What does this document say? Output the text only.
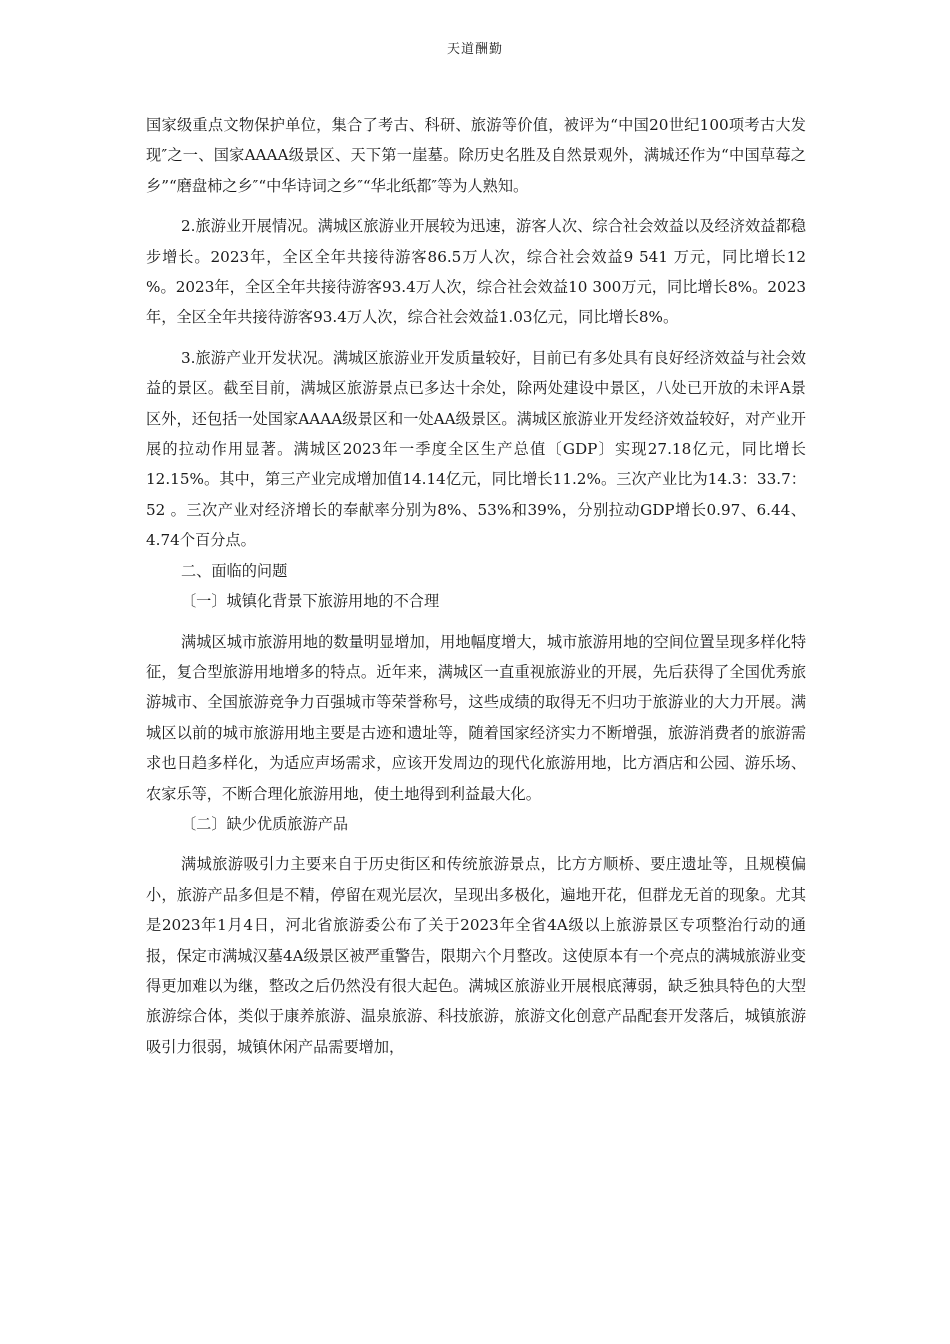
天道酬勤

国家级重点文物保护单位，集合了考古、科研、旅游等价值，被评为“中国20世纪100项考古大发现″之一、国家AAAA级景区、天下第一崖墓。除历史名胜及自然景观外，满城还作为“中国草莓之乡”“磨盘柿之乡″“中华诗词之乡″“华北纸都″等为人熟知。

2.旅游业开展情况。满城区旅游业开展较为迅速，游客人次、综合社会效益以及经济效益都稳步增长。2023年，全区全年共接待游客86.5万人次，综合社会效益9 541 万元，同比增长12 %。2023年，全区全年共接待游客93.4万人次，综合社会效益10 300万元，同比增长8%。2023年，全区全年共接待游客93.4万人次，综合社会效益1.03亿元，同比增长8%。

3.旅游产业开发状况。满城区旅游业开发质量较好，目前已有多处具有良好经济效益与社会效益的景区。截至目前，满城区旅游景点已多达十余处，除两处建设中景区，八处已开放的未评A景区外，还包括一处国家AAAA级景区和一处AA级景区。满城区旅游业开发经济效益较好，对产业开展的拉动作用显著。满城区2023年一季度全区生产总值〔GDP〕实现27.18亿元，同比增长12.15%。其中，第三产业完成增加值14.14亿元，同比增长11.2%。三次产业比为14.3：33.7：52 。三次产业对经济增长的奉献率分别为8%、53%和39%，分别拉动GDP增长0.97、6.44、4.74个百分点。

二、面临的问题

〔一〕城镇化背景下旅游用地的不合理

满城区城市旅游用地的数量明显增加，用地幅度增大，城市旅游用地的空间位置呈现多样化特征，复合型旅游用地增多的特点。近年来，满城区一直重视旅游业的开展，先后获得了全国优秀旅游城市、全国旅游竞争力百强城市等荣誉称号，这些成绩的取得无不归功于旅游业的大力开展。满城区以前的城市旅游用地主要是古迹和遗址等，随着国家经济实力不断增强，旅游消费者的旅游需求也日趋多样化，为适应声场需求，应该开发周边的现代化旅游用地，比方酒店和公园、游乐场、农家乐等，不断合理化旅游用地，使土地得到利益最大化。

〔二〕缺少优质旅游产品

满城旅游吸引力主要来自于历史街区和传统旅游景点，比方方顺桥、要庄遗址等，且规模偏小，旅游产品多但是不精，停留在观光层次，呈现出多极化，遍地开花，但群龙无首的现象。尤其是2023年1月4日，河北省旅游委公布了关于2023年全省4A级以上旅游景区专项整治行动的通报，保定市满城汉墓4A级景区被严重警告，限期六个月整改。这使原本有一个亮点的满城旅游业变得更加难以为继，整改之后仍然没有很大起色。满城区旅游业开展根底薄弱，缺乏独具特色的大型旅游综合体，类似于康养旅游、温泉旅游、科技旅游，旅游文化创意产品配套开发落后，城镇旅游吸引力很弱，城镇休闲产品需要增加，
